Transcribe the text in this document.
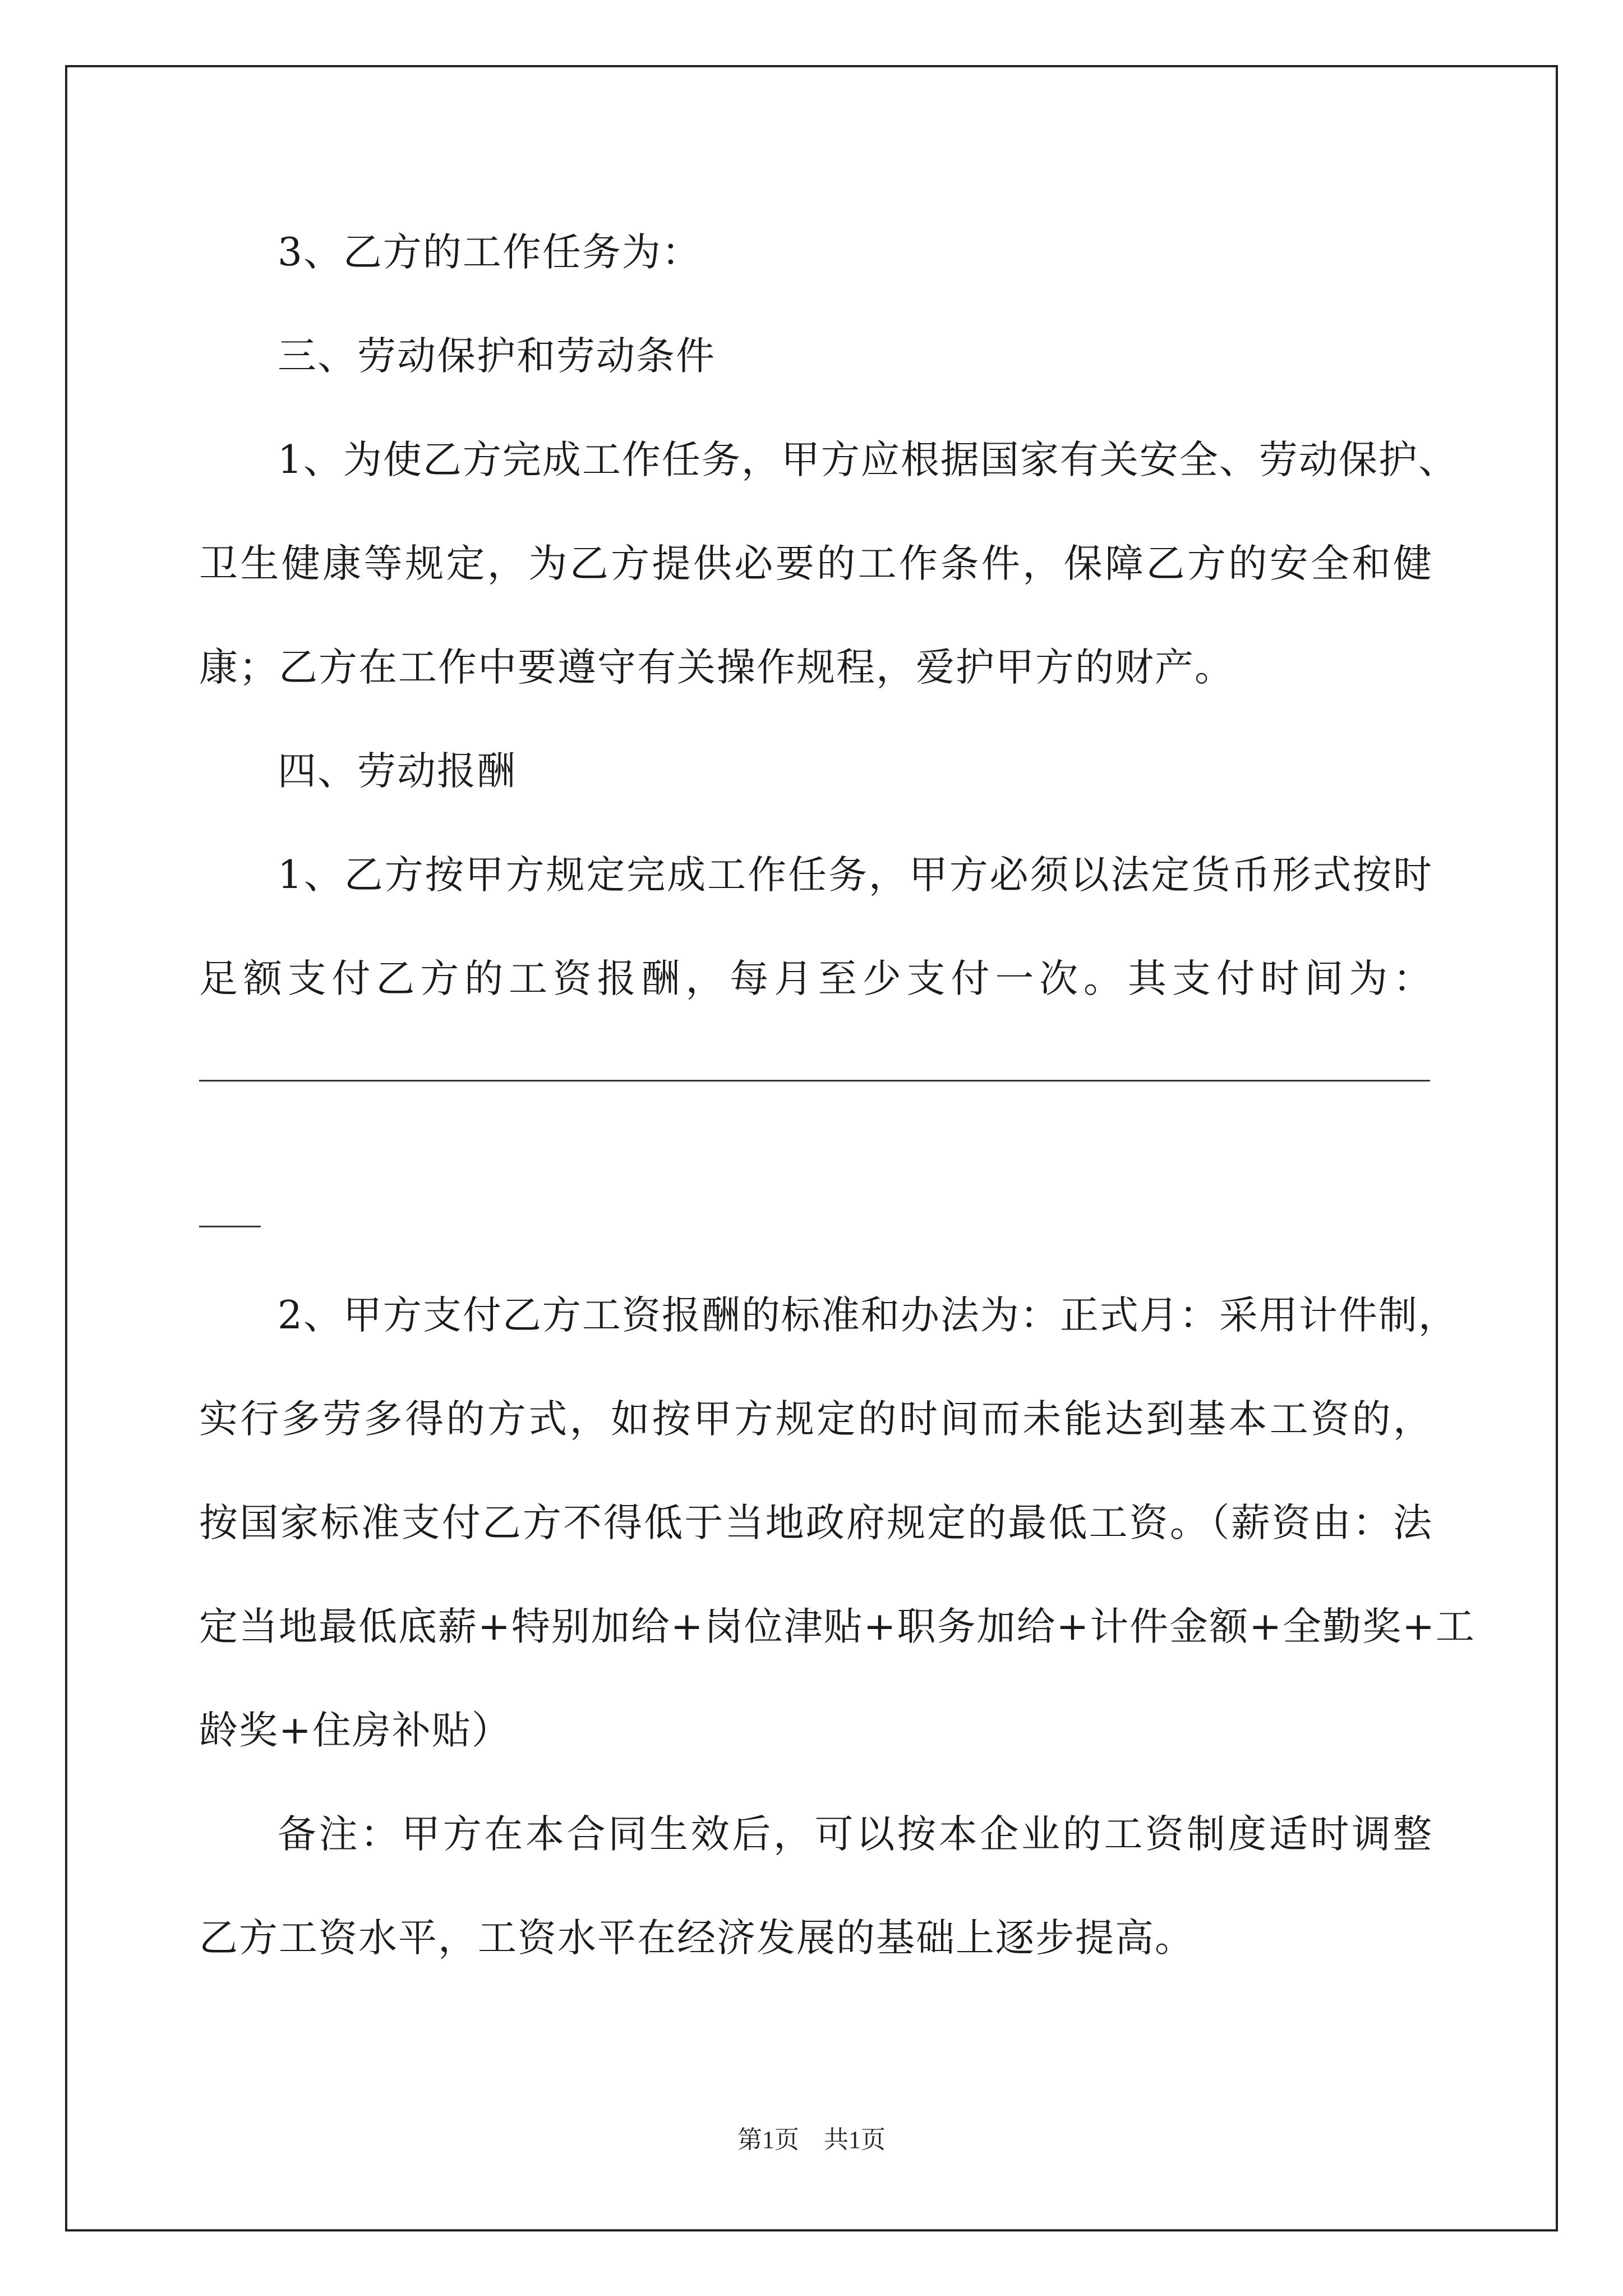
3、乙方的工作任务为：
三、劳动保护和劳动条件
1、为使乙方完成工作任务，甲方应根据国家有关安全、劳动保护、
卫生健康等规定，为乙方提供必要的工作条件，保障乙方的安全和健
康；乙方在工作中要遵守有关操作规程，爱护甲方的财产。
四、劳动报酬
1、乙方按甲方规定完成工作任务，甲方必须以法定货币形式按时
足额支付乙方的工资报酬，每月至少支付一次。其支付时间为：
2、甲方支付乙方工资报酬的标准和办法为：正式月：采用计件制，
实行多劳多得的方式，如按甲方规定的时间而未能达到基本工资的，
按国家标准支付乙方不得低于当地政府规定的最低工资。（薪资由：法
定当地最低底薪+特别加给+岗位津贴+职务加给+计件金额+全勤奖+工
龄奖+住房补贴）
备注：甲方在本合同生效后，可以按本企业的工资制度适时调整
乙方工资水平，工资水平在经济发展的基础上逐步提高。
第1页　共1页
